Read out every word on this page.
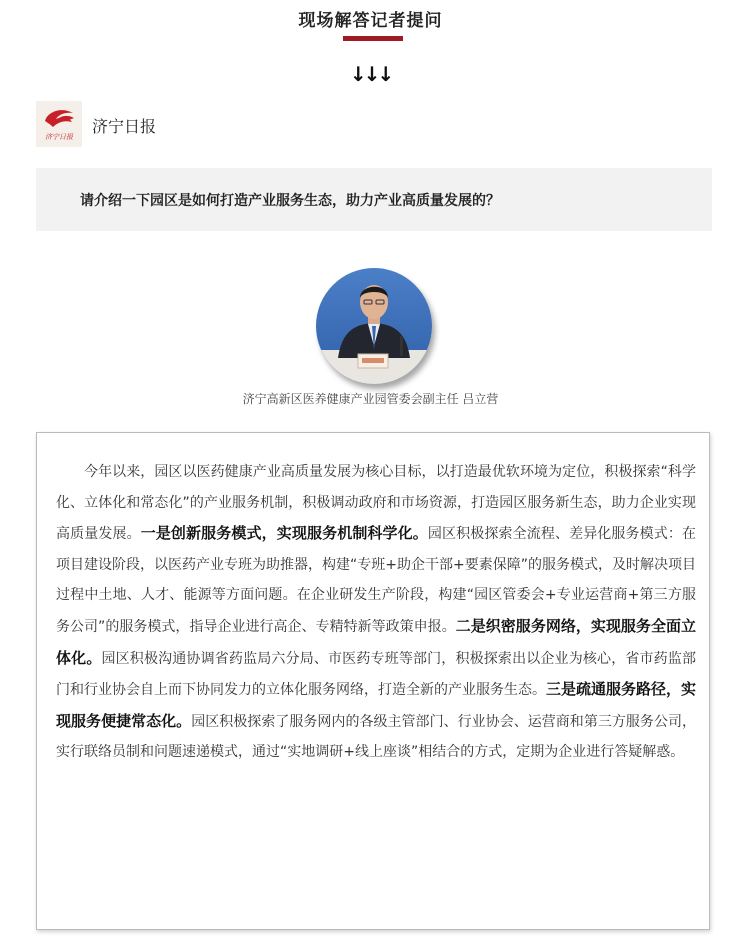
现场解答记者提问
↓↓↓
济宁日报
济宁日报
请介绍一下园区是如何打造产业服务生态，助力产业高质量发展的？
济宁高新区医养健康产业园管委会副主任 吕立营

今年以来，园区以医药健康产业高质量发展为核心目标，以打造最优软环境为定位，积极探索“科学化、立体化和常态化”的产业服务机制，积极调动政府和市场资源，打造园区服务新生态，助力企业实现高质量发展。一是创新服务模式，实现服务机制科学化。园区积极探索全流程、差异化服务模式：在项目建设阶段，以医药产业专班为助推器，构建“专班+助企干部+要素保障”的服务模式，及时解决项目过程中土地、人才、能源等方面问题。在企业研发生产阶段，构建“园区管委会+专业运营商+第三方服务公司”的服务模式，指导企业进行高企、专精特新等政策申报。二是织密服务网络，实现服务全面立体化。园区积极沟通协调省药监局六分局、市医药专班等部门，积极探索出以企业为核心，省市药监部门和行业协会自上而下协同发力的立体化服务网络，打造全新的产业服务生态。三是疏通服务路径，实现服务便捷常态化。园区积极探索了服务网内的各级主管部门、行业协会、运营商和第三方服务公司，实行联络员制和问题速递模式，通过“实地调研+线上座谈”相结合的方式，定期为企业进行答疑解惑。
